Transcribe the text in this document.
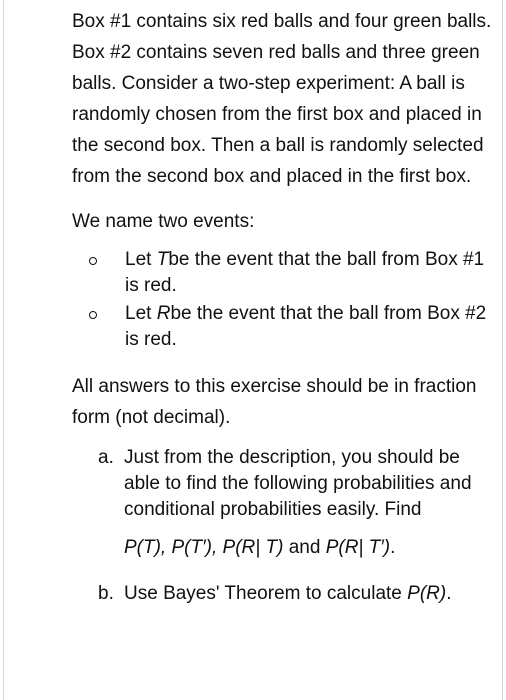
Box #1 contains six red balls and four green balls. Box #2 contains seven red balls and three green balls. Consider a two-step experiment: A ball is randomly chosen from the first box and placed in the second box. Then a ball is randomly selected from the second box and placed in the first box.

We name two events:

Let Tbe the event that the ball from Box #1 is red.
Let Rbe the event that the ball from Box #2 is red.

All answers to this exercise should be in fraction form (not decimal).

a. Just from the description, you should be able to find the following probabilities and conditional probabilities easily. Find
P(T), P(T′), P(R| T) and P(R| T′).
b. Use Bayes' Theorem to calculate P(R).
